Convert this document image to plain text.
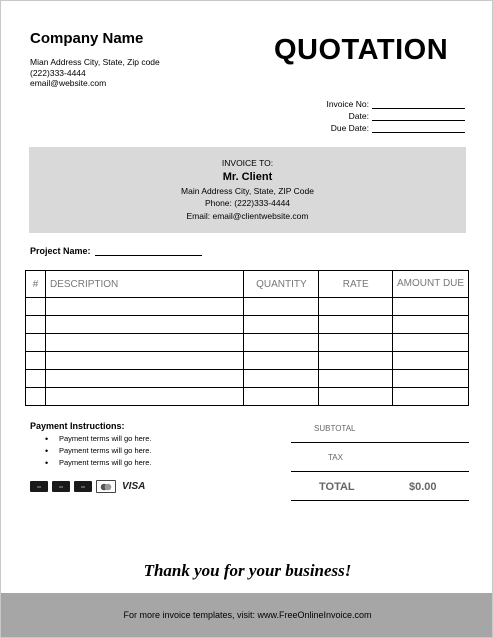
Company Name
Mian Address City, State, Zip code
(222)333-4444
email@website.com
QUOTATION
Invoice No:
Date:
Due Date:
INVOICE TO:
Mr. Client
Main Address City, State, ZIP Code
Phone: (222)333-4444
Email: email@clientwebsite.com
Project Name:
#	DESCRIPTION	QUANTITY	RATE	AMOUNT DUE

Payment Instructions:
• Payment terms will go here.
• Payment terms will go here.
• Payment terms will go here.
▭	▭	▭	VISA
SUBTOTAL
TAX
TOTAL	$0.00
Thank you for your business!
For more invoice templates, visit: www.FreeOnlineInvoice.com
